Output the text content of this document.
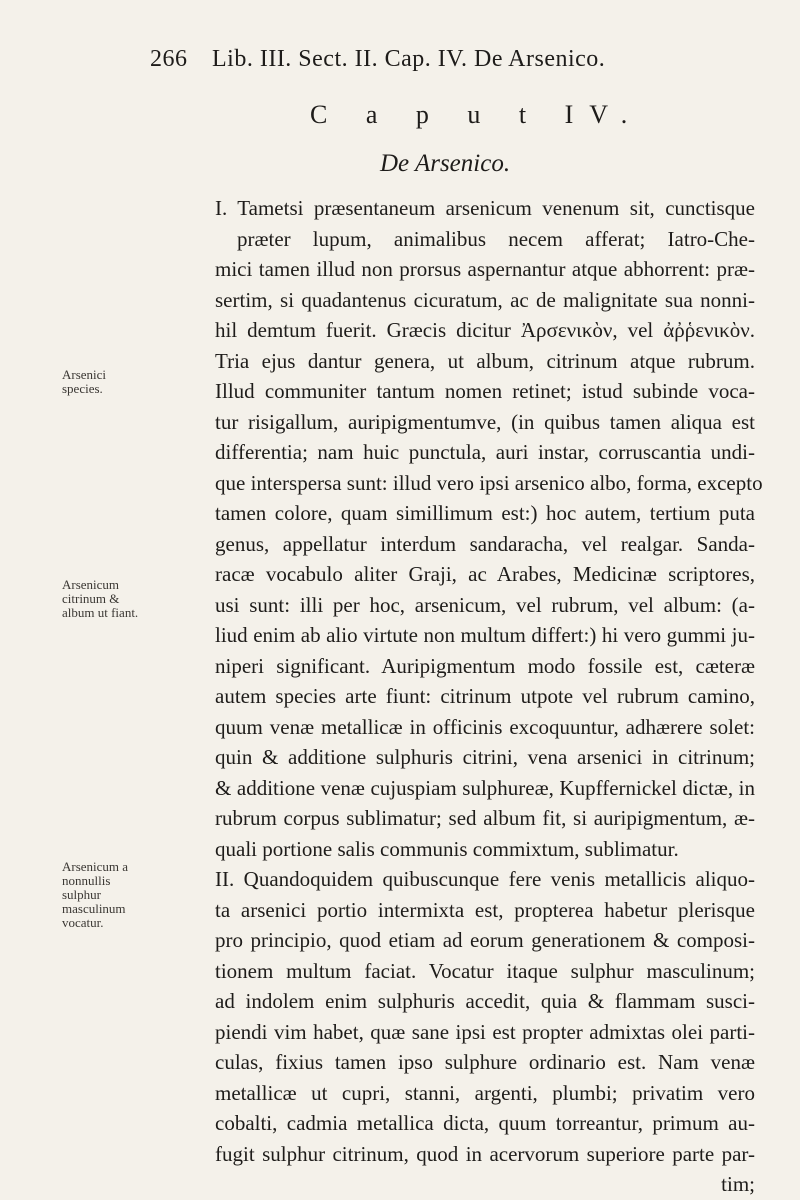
266 Lib. III. Sect. II. Cap. IV. De Arsenico.
C a p u t IV.
De Arsenico.
Arsenici species.
Arsenicum citrinum & album ut fiant.
Arsenicum a nonnullis sulphur masculinum vocatur.
I. Tametsi præsentaneum arsenicum venenum sit, cunctisque
præter lupum, animalibus necem afferat; Iatro-Che-
mici tamen illud non prorsus aspernantur atque abhorrent: præ-
sertim, si quadantenus cicuratum, ac de malignitate sua nonni-
hil demtum fuerit. Græcis dicitur Ἀρσενικὸν, vel ἀῤῥενικὸν.
Tria ejus dantur genera, ut album, citrinum atque rubrum.
Illud communiter tantum nomen retinet; istud subinde voca-
tur risigallum, auripigmentumve, (in quibus tamen aliqua est
differentia; nam huic punctula, auri instar, corruscantia undi-
que interspersa sunt: illud vero ipsi arsenico albo, forma, excepto
tamen colore, quam simillimum est:) hoc autem, tertium puta
genus, appellatur interdum sandaracha, vel realgar. Sanda-
racæ vocabulo aliter Graji, ac Arabes, Medicinæ scriptores,
usi sunt: illi per hoc, arsenicum, vel rubrum, vel album: (a-
liud enim ab alio virtute non multum differt:) hi vero gummi ju-
niperi significant. Auripigmentum modo fossile est, cæteræ
autem species arte fiunt: citrinum utpote vel rubrum camino,
quum venæ metallicæ in officinis excoquuntur, adhærere solet:
quin & additione sulphuris citrini, vena arsenici in citrinum;
& additione venæ cujuspiam sulphureæ, Kupffernickel dictæ, in
rubrum corpus sublimatur; sed album fit, si auripigmentum, æ-
quali portione salis communis commixtum, sublimatur.
II. Quandoquidem quibuscunque fere venis metallicis aliquo-
ta arsenici portio intermixta est, propterea habetur plerisque
pro principio, quod etiam ad eorum generationem & composi-
tionem multum faciat. Vocatur itaque sulphur masculinum;
ad indolem enim sulphuris accedit, quia & flammam susci-
piendi vim habet, quæ sane ipsi est propter admixtas olei parti-
culas, fixius tamen ipso sulphure ordinario est. Nam venæ
metallicæ ut cupri, stanni, argenti, plumbi; privatim vero
cobalti, cadmia metallica dicta, quum torreantur, primum au-
fugit sulphur citrinum, quod in acervorum superiore parte par-
tim;
